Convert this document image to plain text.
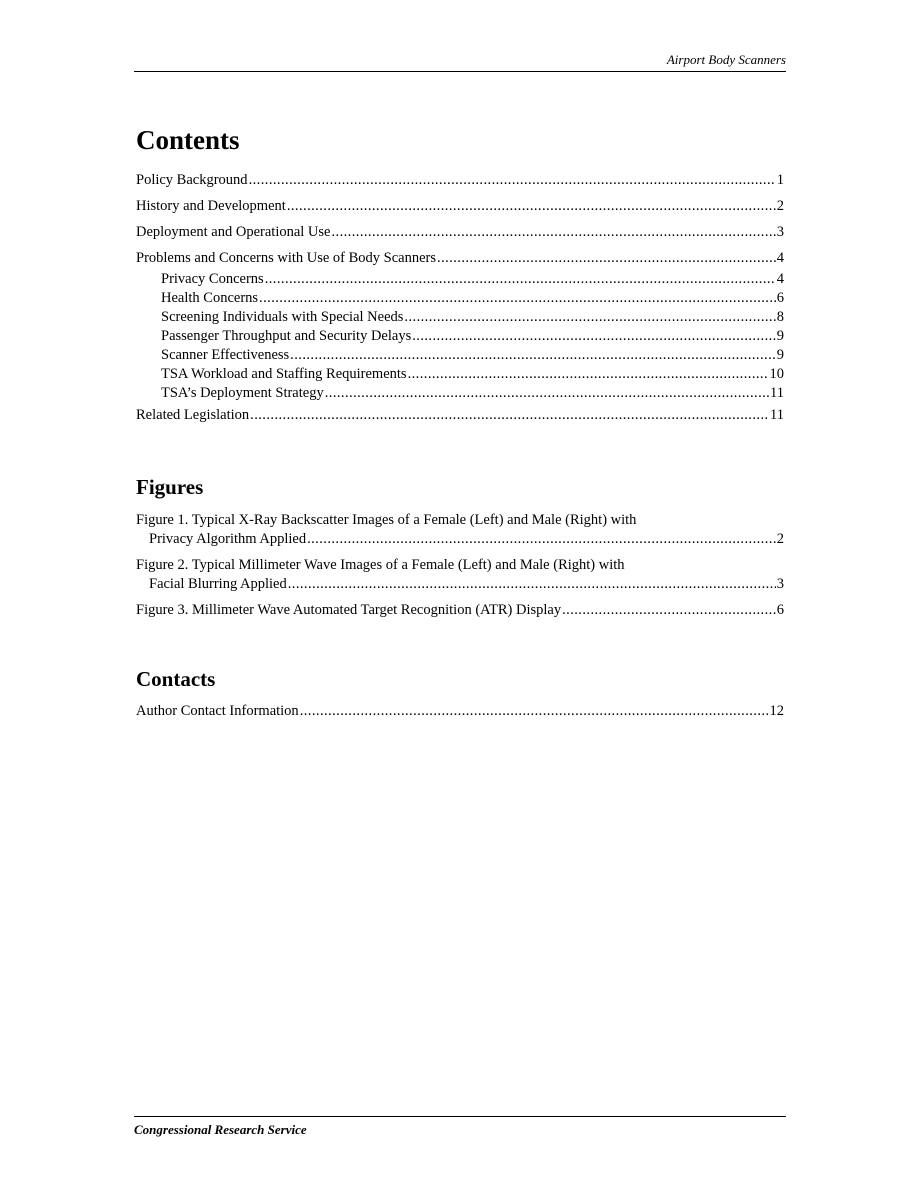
Airport Body Scanners
Contents
Policy Background . . .	1
History and Development . . .	2
Deployment and Operational Use . . .	3
Problems and Concerns with Use of Body Scanners . . .	4
Privacy Concerns . . .	4
Health Concerns . . .	6
Screening Individuals with Special Needs . . .	8
Passenger Throughput and Security Delays . . .	9
Scanner Effectiveness . . .	9
TSA Workload and Staffing Requirements . . .	10
TSA’s Deployment Strategy . . .	11
Related Legislation . . .	11
Figures
Figure 1. Typical X-Ray Backscatter Images of a Female (Left) and Male (Right) with
Privacy Algorithm Applied . . .	2
Figure 2. Typical Millimeter Wave Images of a Female (Left) and Male (Right) with
Facial Blurring Applied . . .	3
Figure 3. Millimeter Wave Automated Target Recognition (ATR) Display . . .	6
Contacts
Author Contact Information . . .	12
Congressional Research Service
